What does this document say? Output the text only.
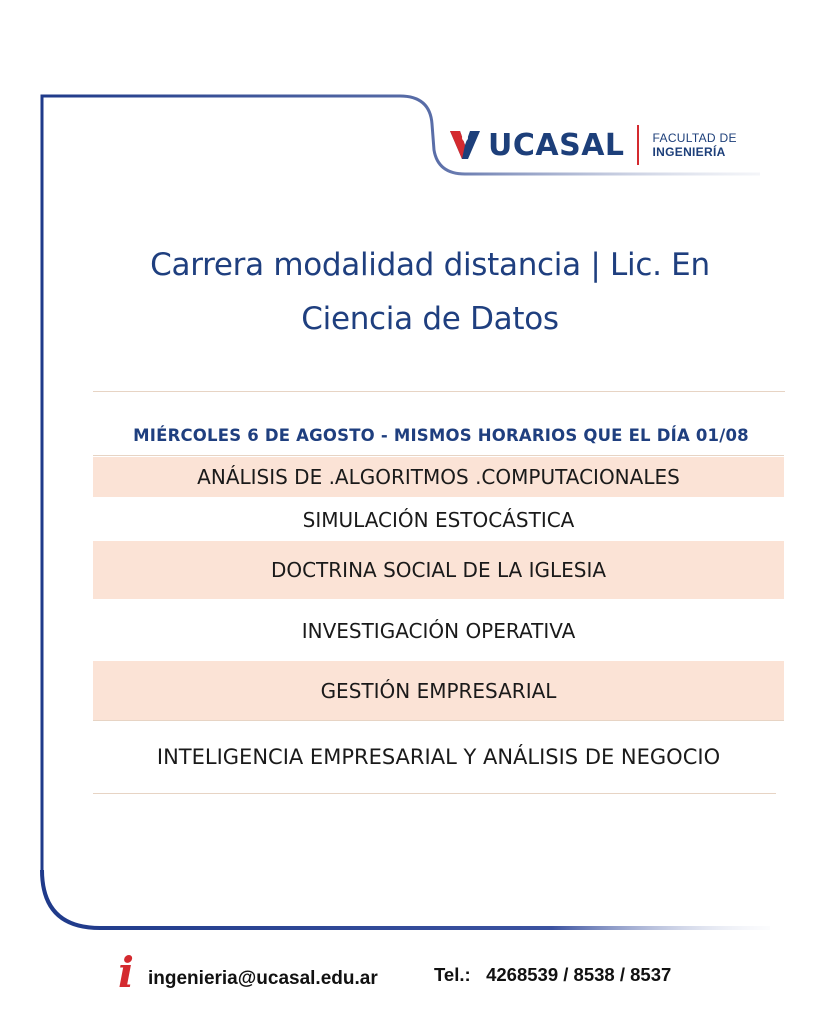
UCASAL FACULTAD DE
INGENIERÍA
Carrera modalidad distancia | Lic. En
Ciencia de Datos
MIÉRCOLES 6 DE AGOSTO - MISMOS HORARIOS QUE EL DÍA 01/08
ANÁLISIS DE .ALGORITMOS .COMPUTACIONALES
SIMULACIÓN ESTOCÁSTICA
DOCTRINA SOCIAL DE LA IGLESIA
INVESTIGACIÓN OPERATIVA
GESTIÓN EMPRESARIAL
INTELIGENCIA EMPRESARIAL Y ANÁLISIS DE NEGOCIO
i ingenieria@ucasal.edu.ar	Tel.: 4268539 / 8538 / 8537
